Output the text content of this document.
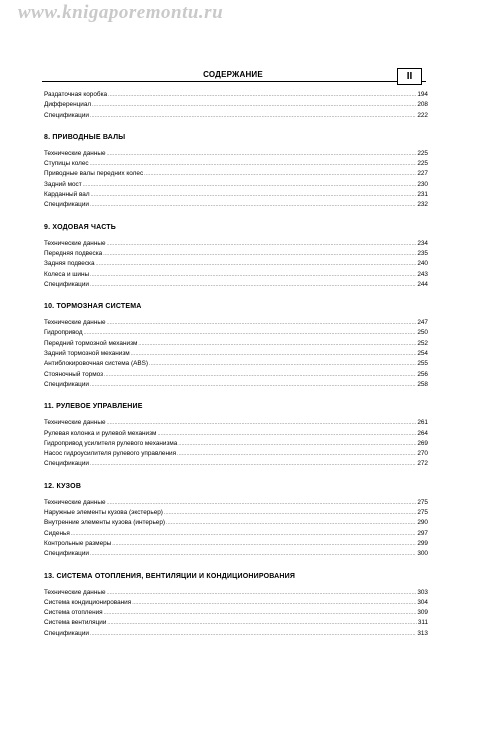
www.knigaporemontu.ru
СОДЕРЖАНИЕ	II
Раздаточная коробка .....	194
Дифференциал .....	208
Спецификации .....	222
8. ПРИВОДНЫЕ ВАЛЫ
Технические данные .....	225
Ступицы колес .....	225
Приводные валы передних колес .....	227
Задний мост .....	230
Карданный вал .....	231
Спецификации .....	232
9. ХОДОВАЯ ЧАСТЬ
Технические данные .....	234
Передняя подвеска .....	235
Задняя подвеска .....	240
Колеса и шины .....	243
Спецификации .....	244
10. ТОРМОЗНАЯ СИСТЕМА
Технические данные .....	247
Гидропривод .....	250
Передний тормозной механизм .....	252
Задний тормозной механизм .....	254
Антиблокировочная система (ABS) .....	255
Стояночный тормоз .....	256
Спецификации .....	258
11. РУЛЕВОЕ УПРАВЛЕНИЕ
Технические данные .....	261
Рулевая колонка и рулевой механизм .....	264
Гидропривод усилителя рулевого механизма .....	269
Насос гидроусилителя рулевого управления .....	270
Спецификации .....	272
12. КУЗОВ
Технические данные .....	275
Наружные элементы кузова (экстерьер) .....	275
Внутренние элементы кузова (интерьер) .....	290
Сиденья .....	297
Контрольные размеры .....	299
Спецификации .....	300
13. СИСТЕМА ОТОПЛЕНИЯ, ВЕНТИЛЯЦИИ И КОНДИЦИОНИРОВАНИЯ
Технические данные .....	303
Система кондиционирования .....	304
Система отопления .....	309
Система вентиляции .....	311
Спецификации .....	313
